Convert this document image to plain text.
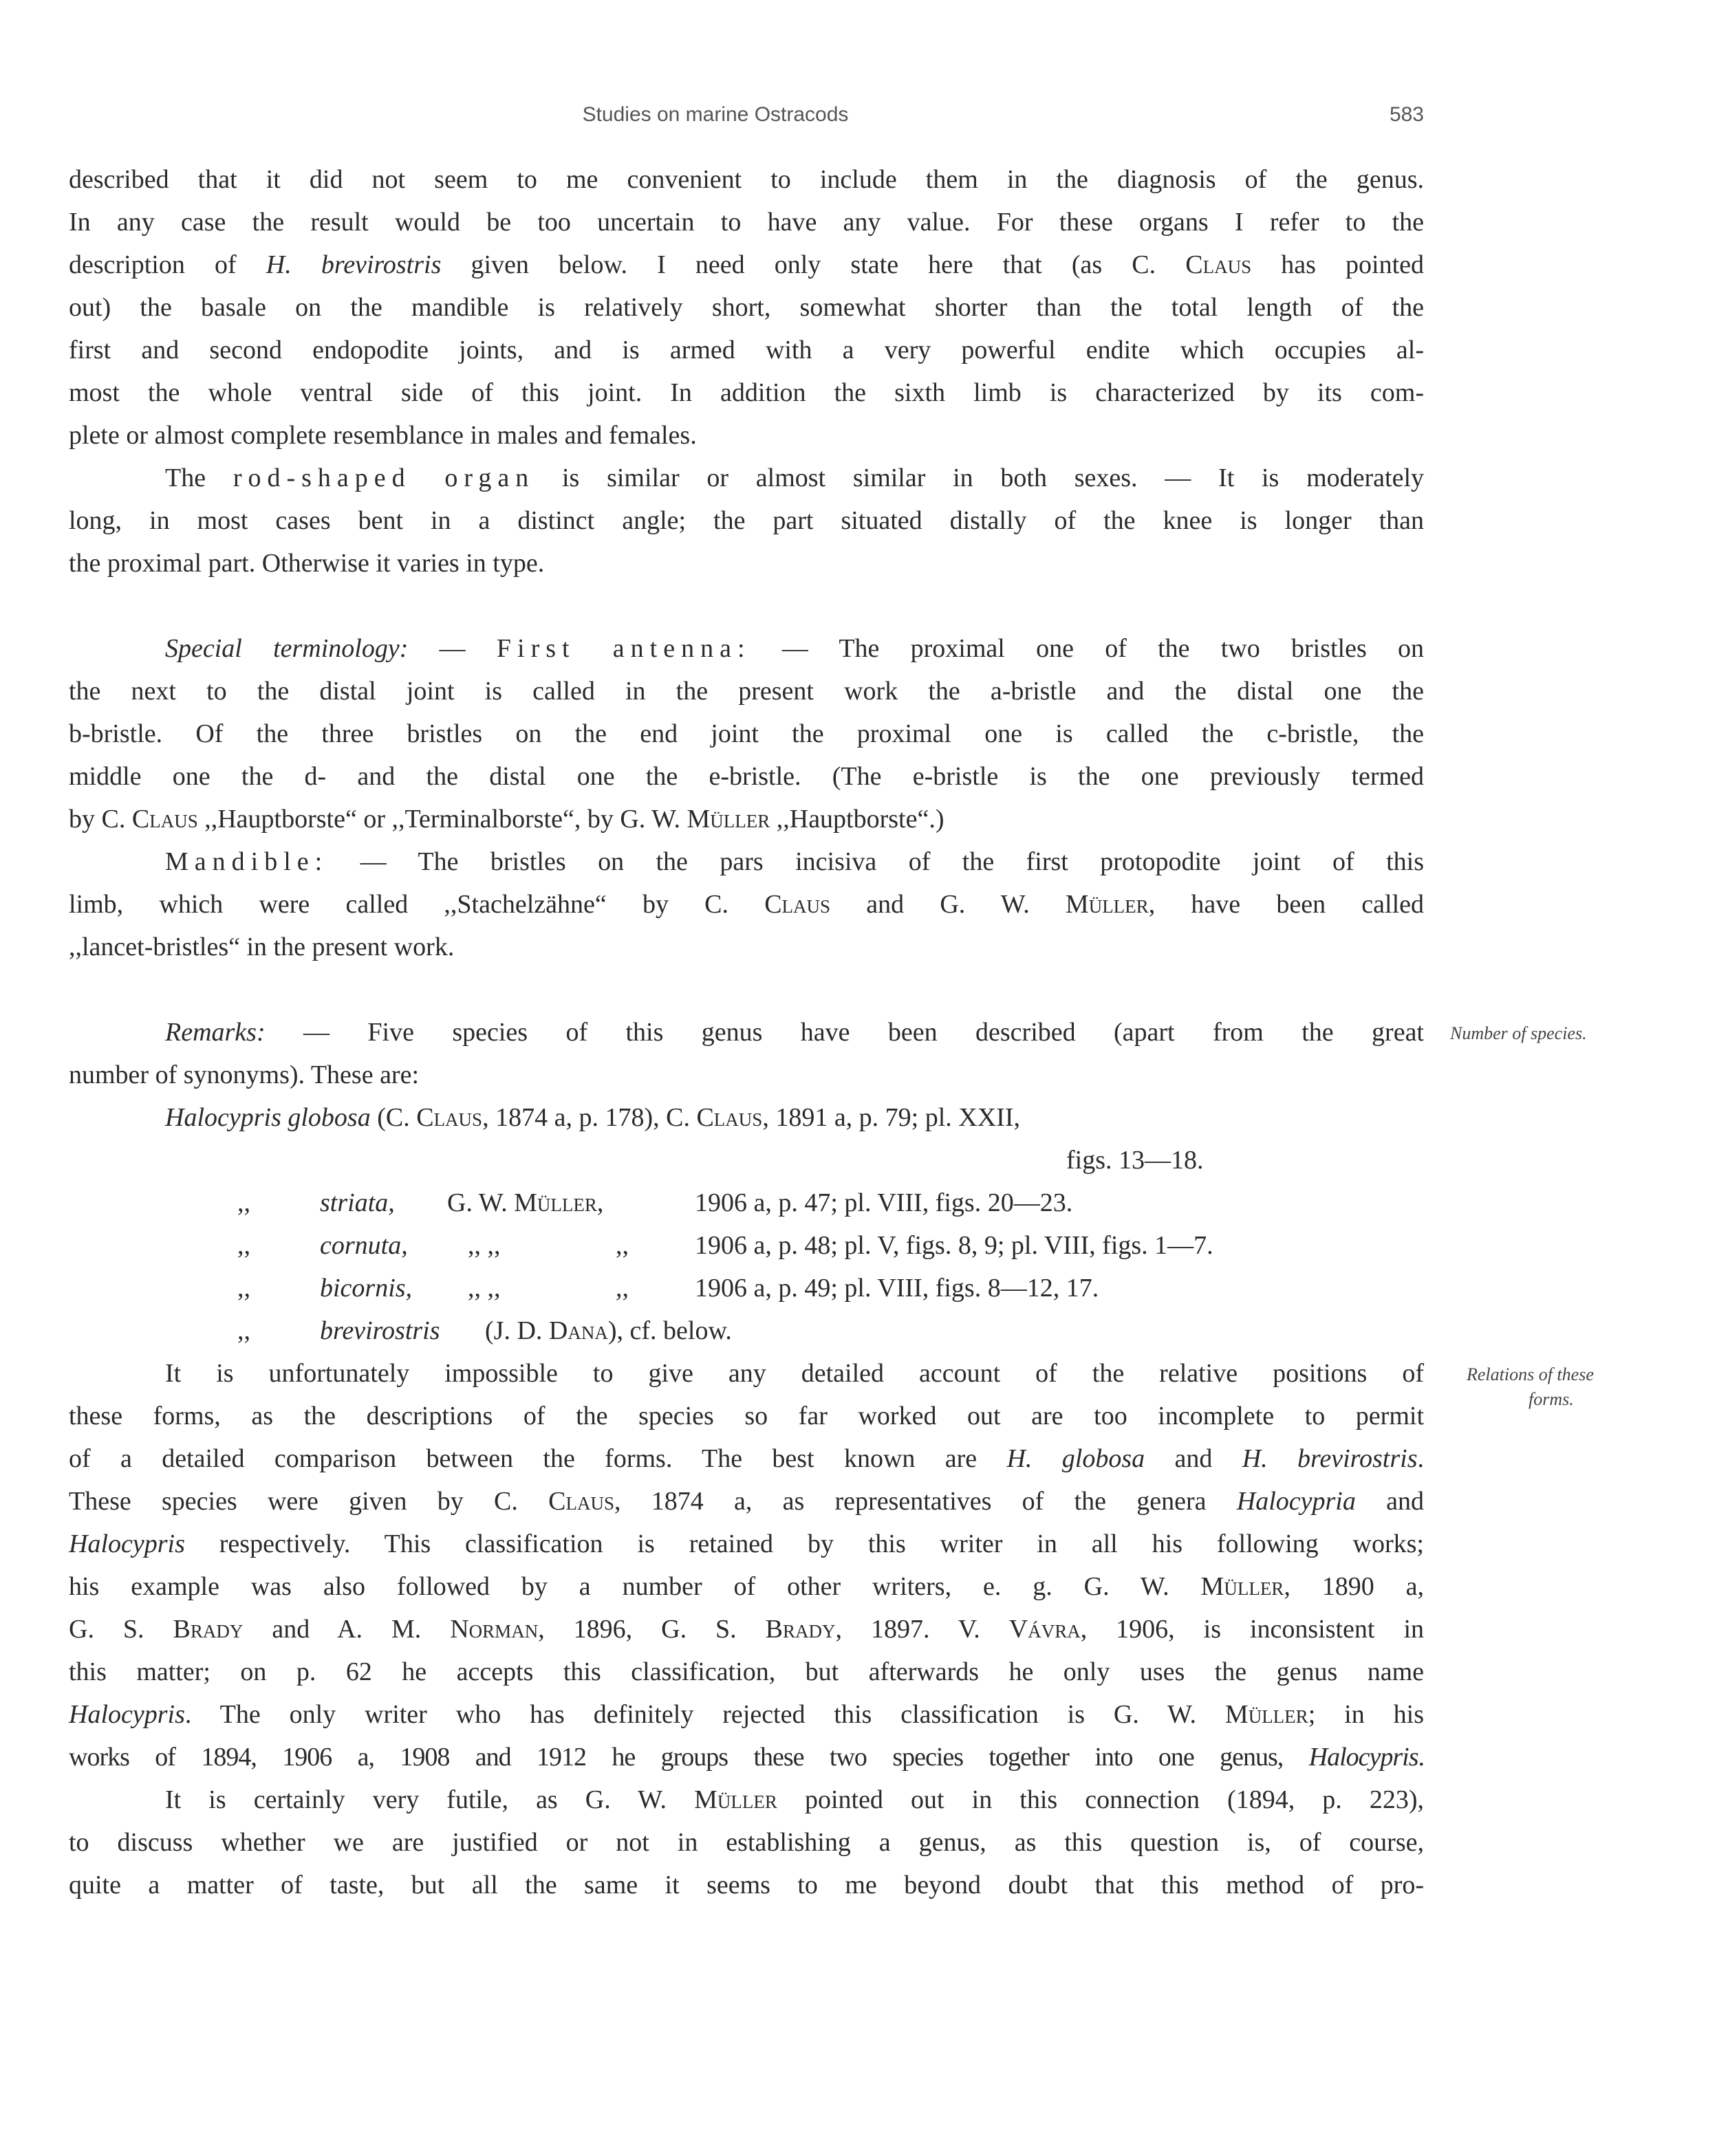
Studies on marine Ostracods	583
described that it did not seem to me convenient to include them in the diagnosis of the genus.
In any case the result would be too uncertain to have any value. For these organs I refer to the
description of H. brevirostris given below. I need only state here that (as C. Claus has pointed
out) the basale on the mandible is relatively short, somewhat shorter than the total length of the
first and second endopodite joints, and is armed with a very powerful endite which occupies al-
most the whole ventral side of this joint. In addition the sixth limb is characterized by its com-
plete or almost complete resemblance in males and females.
The rod-shaped organ is similar or almost similar in both sexes. — It is moderately
long, in most cases bent in a distinct angle; the part situated distally of the knee is longer than
the proximal part. Otherwise it varies in type.
Special terminology: — First antenna: — The proximal one of the two bristles on
the next to the distal joint is called in the present work the a-bristle and the distal one the
b-bristle. Of the three bristles on the end joint the proximal one is called the c-bristle, the
middle one the d- and the distal one the e-bristle. (The e-bristle is the one previously termed
by C. Claus ,,Hauptborste“ or ,,Terminalborste“, by G. W. Müller ,,Hauptborste“.)
Mandible: — The bristles on the pars incisiva of the first protopodite joint of this
limb, which were called ,,Stachelzähne“ by C. Claus and G. W. Müller, have been called
,,lancet-bristles“ in the present work.
Remarks: — Five species of this genus have been described (apart from the great
number of synonyms). These are:
Halocypris globosa (C. Claus, 1874 a, p. 178), C. Claus, 1891 a, p. 79; pl. XXII,
figs. 13—18.
,,	striata, G. W. Müller,	1906 a, p. 47; pl. VIII, figs. 20—23.
,,	cornuta, ,, ,,	,,	1906 a, p. 48; pl. V, figs. 8, 9; pl. VIII, figs. 1—7.
,,	bicornis, ,, ,,	,,	1906 a, p. 49; pl. VIII, figs. 8—12, 17.
,,	brevirostris (J. D. Dana), cf. below.
It is unfortunately impossible to give any detailed account of the relative positions of
these forms, as the descriptions of the species so far worked out are too incomplete to permit
of a detailed comparison between the forms. The best known are H. globosa and H. brevirostris.
These species were given by C. Claus, 1874 a, as representatives of the genera Halocypria and
Halocypris respectively. This classification is retained by this writer in all his following works;
his example was also followed by a number of other writers, e. g. G. W. Müller, 1890 a,
G. S. Brady and A. M. Norman, 1896, G. S. Brady, 1897. V. Vávra, 1906, is inconsistent in
this matter; on p. 62 he accepts this classification, but afterwards he only uses the genus name
Halocypris. The only writer who has definitely rejected this classification is G. W. Müller; in his
works of 1894, 1906 a, 1908 and 1912 he groups these two species together into one genus, Halocypris.
It is certainly very futile, as G. W. Müller pointed out in this connection (1894, p. 223),
to discuss whether we are justified or not in establishing a genus, as this question is, of course,
quite a matter of taste, but all the same it seems to me beyond doubt that this method of pro-
Number of species.
Relations of these
forms.
